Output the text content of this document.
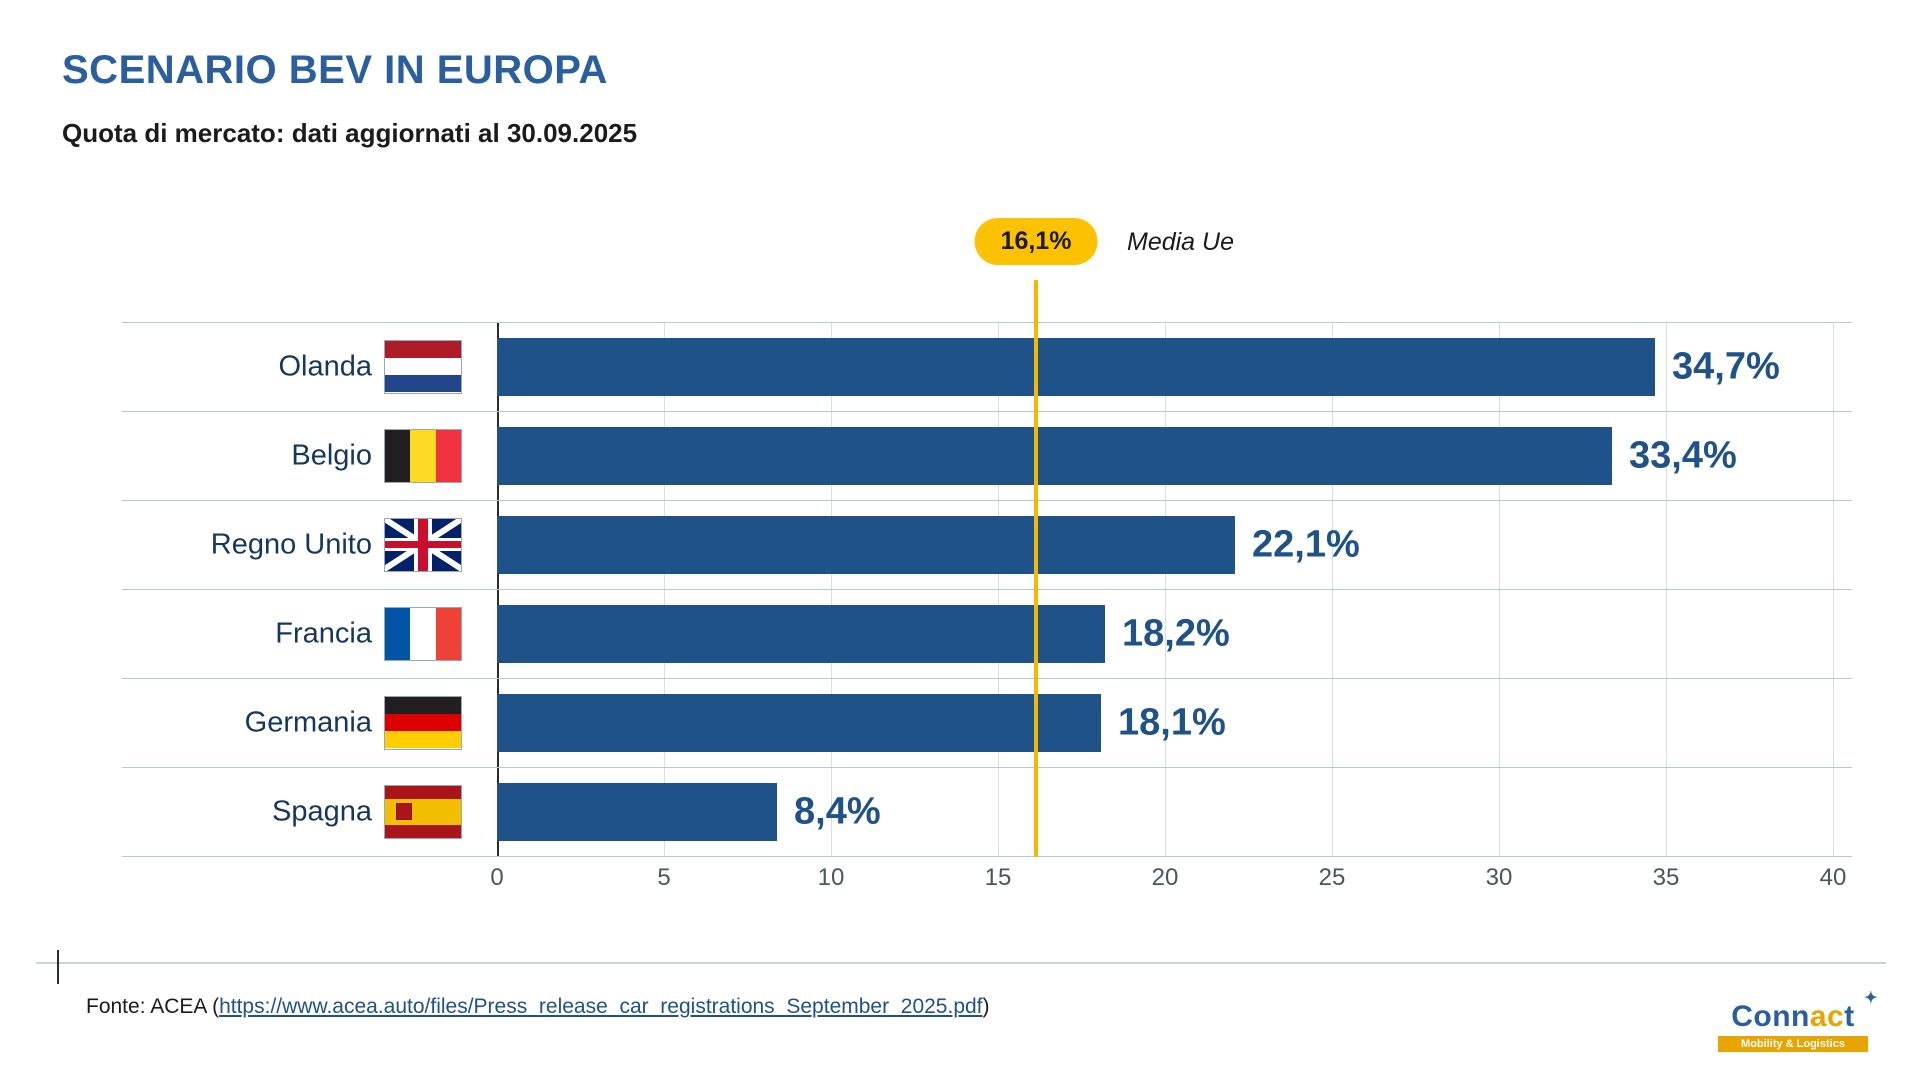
SCENARIO BEV IN EUROPA
Quota di mercato: dati aggiornati al 30.09.2025
16,1%	Media Ue
Olanda	34,7%
Belgio	33,4%
Regno Unito	22,1%
Francia	18,2%
Germania	18,1%
Spagna	8,4%
0	5	10	15	20	25	30	35	40
Fonte: ACEA (https://www.acea.auto/files/Press_release_car_registrations_September_2025.pdf)	Connact
✦
Mobility & Logistics
